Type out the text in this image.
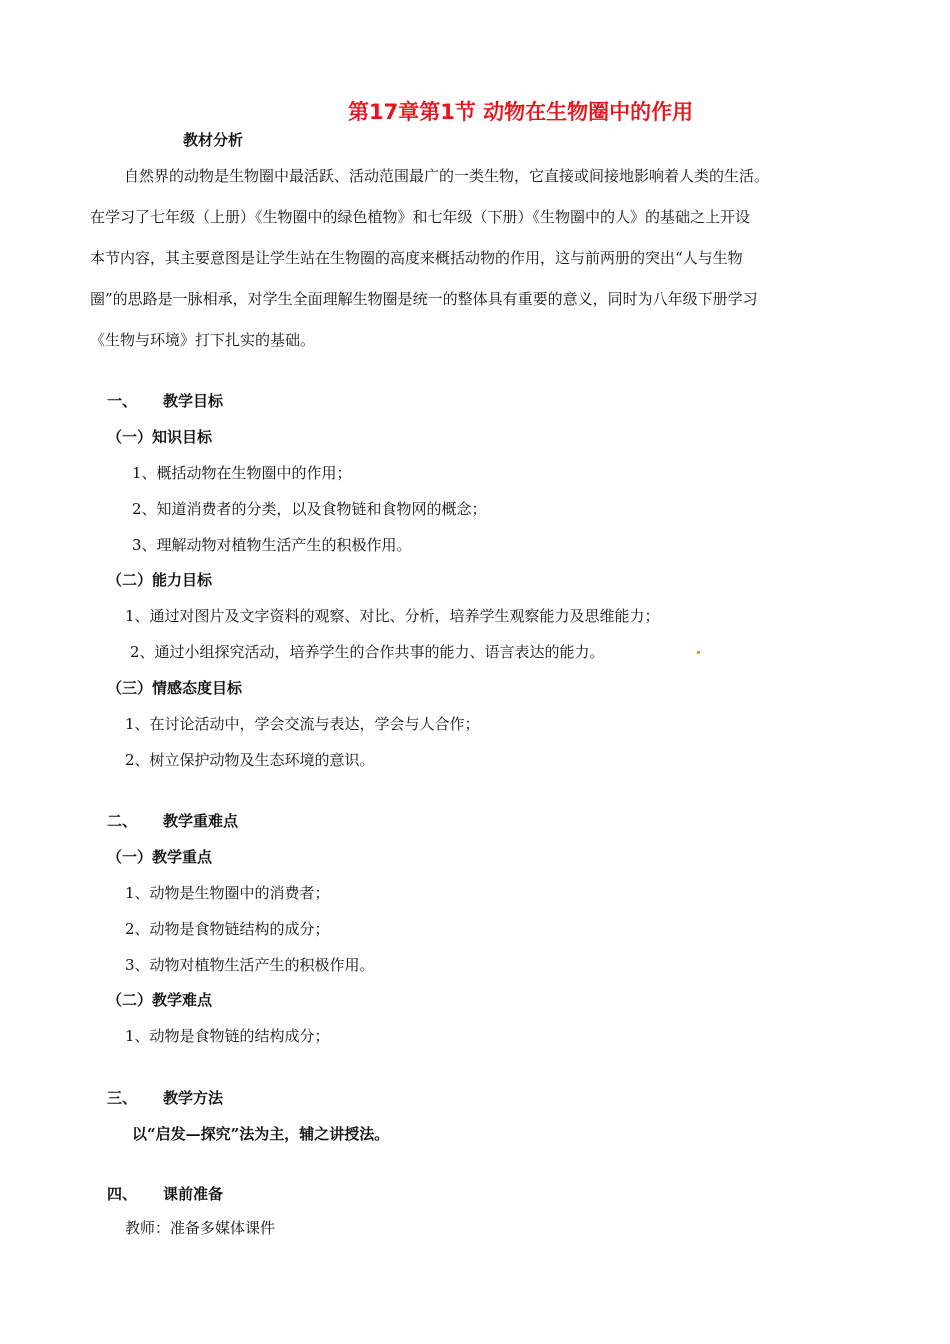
第17章第1节 动物在生物圈中的作用
教材分析
自然界的动物是生物圈中最活跃、活动范围最广的一类生物，它直接或间接地影响着人类的生活。
在学习了七年级（上册）《生物圈中的绿色植物》和七年级（下册）《生物圈中的人》的基础之上开设
本节内容，其主要意图是让学生站在生物圈的高度来概括动物的作用，这与前两册的突出“人与生物
圈”的思路是一脉相承，对学生全面理解生物圈是统一的整体具有重要的意义，同时为八年级下册学习
《生物与环境》打下扎实的基础。
一、 教学目标
（一）知识目标
1、概括动物在生物圈中的作用；
2、知道消费者的分类，以及食物链和食物网的概念；
3、理解动物对植物生活产生的积极作用。
（二）能力目标
1、通过对图片及文字资料的观察、对比、分析，培养学生观察能力及思维能力；
2、通过小组探究活动，培养学生的合作共事的能力、语言表达的能力。
（三）情感态度目标
1、在讨论活动中，学会交流与表达，学会与人合作；
2、树立保护动物及生态环境的意识。
二、 教学重难点
（一）教学重点
1、动物是生物圈中的消费者；
2、动物是食物链结构的成分；
3、动物对植物生活产生的积极作用。
（二）教学难点
1、动物是食物链的结构成分；
三、 教学方法
以“启发—探究”法为主，辅之讲授法。
四、 课前准备
教师：准备多媒体课件
